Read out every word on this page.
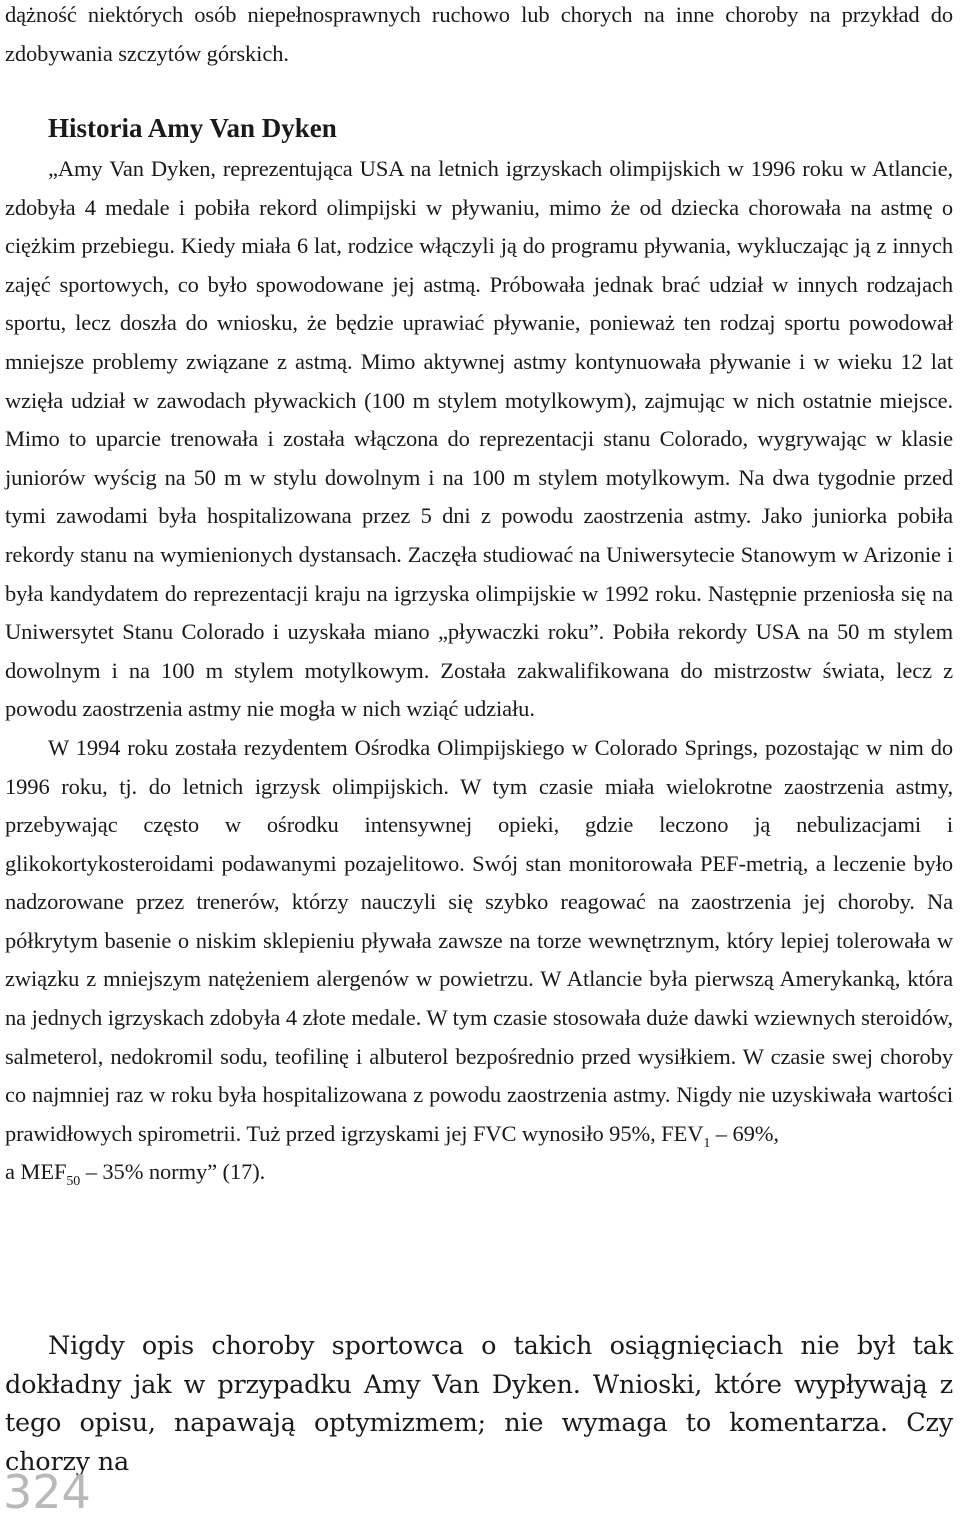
dążność niektórych osób niepełnosprawnych ruchowo lub chorych na inne choroby na przykład do zdobywania szczytów górskich.

Historia Amy Van Dyken

„Amy Van Dyken, reprezentująca USA na letnich igrzyskach olimpijskich w 1996 roku w Atlancie, zdobyła 4 medale i pobiła rekord olimpijski w pływaniu, mimo że od dziecka chorowała na astmę o ciężkim przebiegu. Kiedy miała 6 lat, rodzice włączyli ją do programu pływania, wykluczając ją z innych zajęć sportowych, co było spowodowane jej astmą. Próbowała jednak brać udział w innych rodzajach sportu, lecz doszła do wniosku, że będzie uprawiać pływanie, ponieważ ten rodzaj sportu powodował mniejsze problemy związane z astmą. Mimo aktywnej astmy kontynuowała pływanie i w wieku 12 lat wzięła udział w zawodach pływackich (100 m stylem motylkowym), zajmując w nich ostatnie miejsce. Mimo to uparcie trenowała i została włączona do reprezentacji stanu Colorado, wygrywając w klasie juniorów wyścig na 50 m w stylu dowolnym i na 100 m stylem motylkowym. Na dwa tygodnie przed tymi zawodami była hospitalizowana przez 5 dni z powodu zaostrzenia astmy. Jako juniorka pobiła rekordy stanu na wymienionych dystansach. Zaczęła studiować na Uniwersytecie Stanowym w Arizonie i była kandydatem do reprezentacji kraju na igrzyska olimpijskie w 1992 roku. Następnie przeniosła się na Uniwersytet Stanu Colorado i uzyskała miano „pływaczki roku”. Pobiła rekordy USA na 50 m stylem dowolnym i na 100 m stylem motylkowym. Została zakwalifikowana do mistrzostw świata, lecz z powodu zaostrzenia astmy nie mogła w nich wziąć udziału.

W 1994 roku została rezydentem Ośrodka Olimpijskiego w Colorado Springs, pozostając w nim do 1996 roku, tj. do letnich igrzysk olimpijskich. W tym czasie miała wielokrotne zaostrzenia astmy, przebywając często w ośrodku intensywnej opieki, gdzie leczono ją nebulizacjami i glikokortykosteroidami podawanymi pozajelitowo. Swój stan monitorowała PEF-metrią, a leczenie było nadzorowane przez trenerów, którzy nauczyli się szybko reagować na zaostrzenia jej choroby. Na półkrytym basenie o niskim sklepieniu pływała zawsze na torze wewnętrznym, który lepiej tolerowała w związku z mniejszym natężeniem alergenów w powietrzu. W Atlancie była pierwszą Amerykanką, która na jednych igrzyskach zdobyła 4 złote medale. W tym czasie stosowała duże dawki wziewnych steroidów, salmeterol, nedokromil sodu, teofilinę i albuterol bezpośrednio przed wysiłkiem. W czasie swej choroby co najmniej raz w roku była hospitalizowana z powodu zaostrzenia astmy. Nigdy nie uzyskiwała wartości prawidłowych spirometrii. Tuż przed igrzyskami jej FVC wynosiło 95%, $FEV_1 - 69\%$,

a $MEF_{50} - 35\%$ normy” (17).

Nigdy opis choroby sportowca o takich osiągnięciach nie był tak dokładny jak w przypadku Amy Van Dyken. Wnioski, które wypływają z tego opisu, napawają optymizmem; nie wymaga to komentarza. Czy chorzy na

324
